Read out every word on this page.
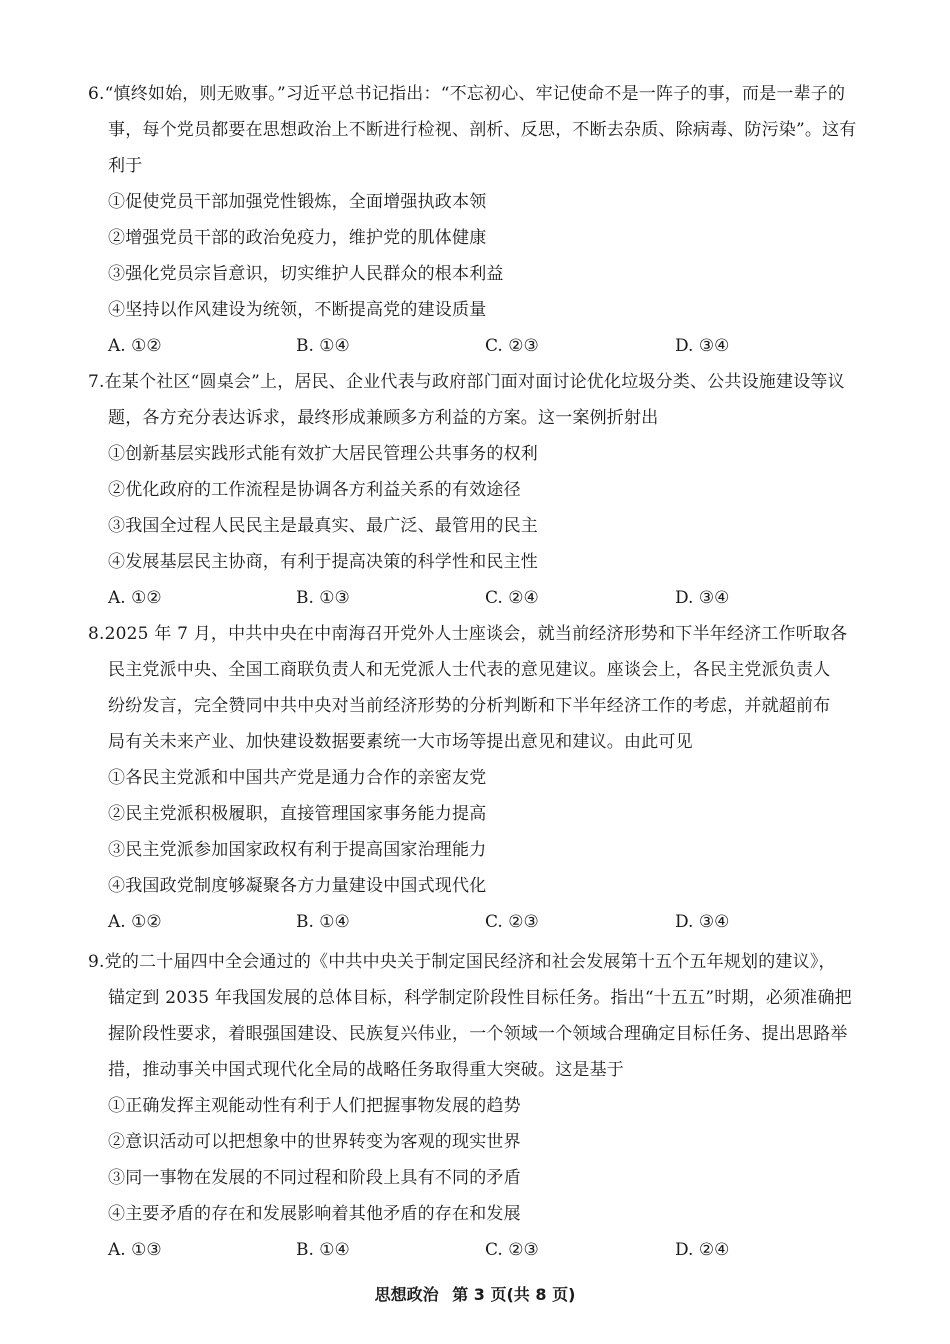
6.“慎终如始，则无败事。”习近平总书记指出：“不忘初心、牢记使命不是一阵子的事，而是一辈子的
事，每个党员都要在思想政治上不断进行检视、剖析、反思，不断去杂质、除病毒、防污染”。这有
利于
①促使党员干部加强党性锻炼，全面增强执政本领
②增强党员干部的政治免疫力，维护党的肌体健康
③强化党员宗旨意识，切实维护人民群众的根本利益
④坚持以作风建设为统领，不断提高党的建设质量
A. ①②	B. ①④	C. ②③	D. ③④
7.在某个社区“圆桌会”上，居民、企业代表与政府部门面对面讨论优化垃圾分类、公共设施建设等议
题，各方充分表达诉求，最终形成兼顾多方利益的方案。这一案例折射出
①创新基层实践形式能有效扩大居民管理公共事务的权利
②优化政府的工作流程是协调各方利益关系的有效途径
③我国全过程人民民主是最真实、最广泛、最管用的民主
④发展基层民主协商，有利于提高决策的科学性和民主性
A. ①②	B. ①③	C. ②④	D. ③④
8.2025 年 7 月，中共中央在中南海召开党外人士座谈会，就当前经济形势和下半年经济工作听取各
民主党派中央、全国工商联负责人和无党派人士代表的意见建议。座谈会上，各民主党派负责人
纷纷发言，完全赞同中共中央对当前经济形势的分析判断和下半年经济工作的考虑，并就超前布
局有关未来产业、加快建设数据要素统一大市场等提出意见和建议。由此可见
①各民主党派和中国共产党是通力合作的亲密友党
②民主党派积极履职，直接管理国家事务能力提高
③民主党派参加国家政权有利于提高国家治理能力
④我国政党制度够凝聚各方力量建设中国式现代化
A. ①②	B. ①④	C. ②③	D. ③④
9.党的二十届四中全会通过的《中共中央关于制定国民经济和社会发展第十五个五年规划的建议》，
锚定到 2035 年我国发展的总体目标，科学制定阶段性目标任务。指出“十五五”时期，必须准确把
握阶段性要求，着眼强国建设、民族复兴伟业，一个领域一个领域合理确定目标任务、提出思路举
措，推动事关中国式现代化全局的战略任务取得重大突破。这是基于
①正确发挥主观能动性有利于人们把握事物发展的趋势
②意识活动可以把想象中的世界转变为客观的现实世界
③同一事物在发展的不同过程和阶段上具有不同的矛盾
④主要矛盾的存在和发展影响着其他矛盾的存在和发展
A. ①③	B. ①④	C. ②③	D. ②④
思想政治 第 3 页(共 8 页)
